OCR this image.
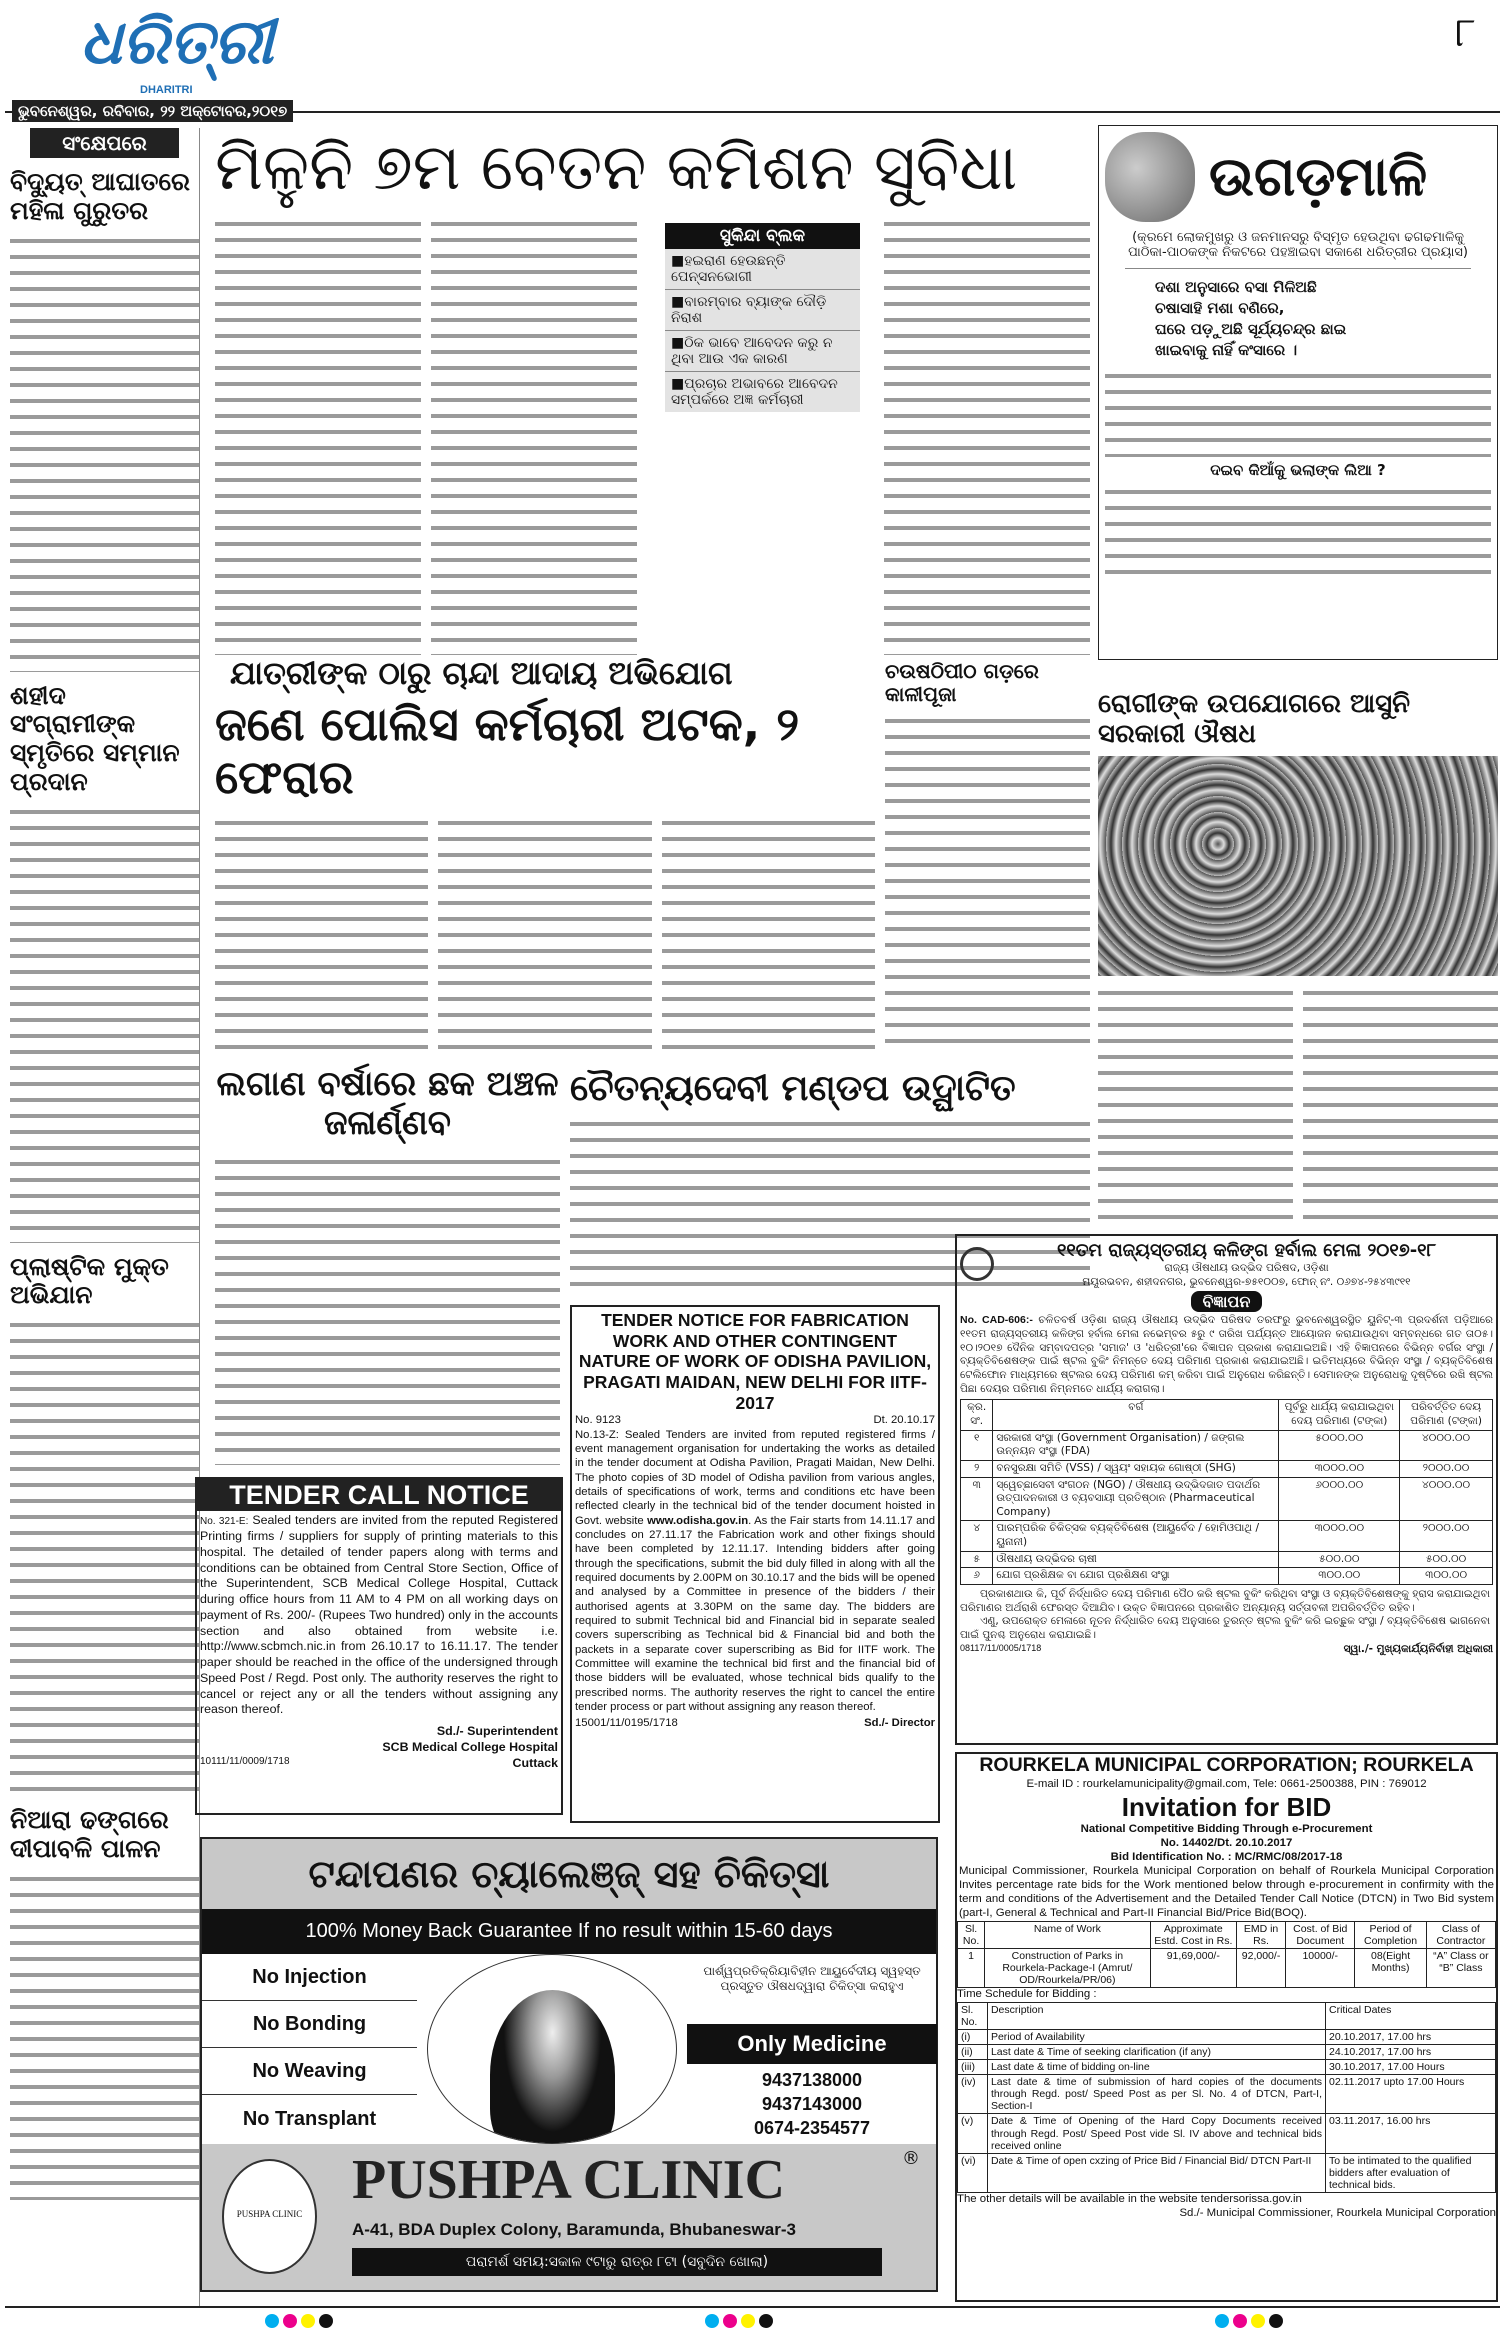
ଧରିତ୍ରୀ
DHARITRI
ଭୁବନେଶ୍ୱର, ରବିବାର, ୨୨ ଅକ୍ଟୋବର,୨୦୧୭
୮
ସଂକ୍ଷେପରେ
ବିଦ୍ୟୁତ୍ ଆଘାତରେ ମହିଳା ଗୁରୁତର
ଶହୀଦ ସଂଗ୍ରାମୀଙ୍କ ସ୍ମୃତିରେ ସମ୍ମାନ ପ୍ରଦାନ
ପ୍ଲାଷ୍ଟିକ ମୁକ୍ତ ଅଭିଯାନ
ନିଆରା ଢଙ୍ଗରେ ଦୀପାବଳି ପାଳନ
ମିଳୁନି ୭ମ ବେତନ କମିଶନ ସୁବିଧା
ସୁକିନ୍ଦା ବ୍ଲକ
■ହଇରାଣ ହେଉଛନ୍ତି ପେନ୍‌ସନଭୋଗୀ
■ବାରମ୍ବାର ବ୍ୟାଙ୍କ ଦୌଡ଼ି ନିରାଶ
■ଠିକ ଭାବେ ଆବେଦନ କରୁ ନ ଥିବା ଆଉ ଏକ କାରଣ
■ପ୍ରଚାର ଅଭାବରେ ଆବେଦନ ସମ୍ପର୍କରେ ଅଜ୍ଞ କର୍ମଚାରୀ
ଉଗଡ଼ମାଳି
(କ୍ରମେ ଲୋକମୁଖରୁ ଓ ଜନମାନସରୁ ବିସ୍ମୃତ ହେଉଥିବା ଢଗଢମାଳିକୁ ପାଠିକା-ପାଠକଙ୍କ ନିକଟରେ ପହଞ୍ଚାଇବା ସକାଶେ ଧରିତ୍ରୀର ପ୍ରୟାସ)
ଦଶା ଅନୁସାରେ ବସା ମିଳିଅଛି
ଚଷାସାହି ମଶା ବଣିରେ,
ଘରେ ପଡ଼ୁଅଛି ସୂର୍ଯ୍ୟଚନ୍ଦ୍ର ଛାଇ
ଖାଇବାକୁ ନାହିଁ କଂସାରେ ।
ଦଇବ କିଆଁକୁ ଭଲାଙ୍କ ଲିଆ ?
ଯାତ୍ରୀଙ୍କ ଠାରୁ ଚାନ୍ଦା ଆଦାୟ ଅଭିଯୋଗ
ଜଣେ ପୋଲିସ କର୍ମଚାରୀ ଅଟକ, ୨ ଫେରାର
ଚଉଷଠିପୀଠ ଗଡ଼ରେ କାଳୀପୂଜା	ରୋଗୀଙ୍କ ଉପଯୋଗରେ ଆସୁନି ସରକାରୀ ଔଷଧ
ଲଗାଣ ବର୍ଷାରେ ଛକ ଅଞ୍ଚଳ ଜଳାର୍ଣ୍ଣବ
ଚୈତନ୍ୟଦେବୀ ମଣ୍ଡପ ଉଦ୍ଘାଟିତ
TENDER CALL NOTICE
No. 321-E: Sealed tenders are invited from the reputed Registered Printing firms / suppliers for supply of printing materials to this hospital. The detailed of tender papers along with terms and conditions can be obtained from Central Store Section, Office of the Superintendent, SCB Medical College Hospital, Cuttack during office hours from 11 AM to 4 PM on all working days on payment of Rs. 200/- (Rupees Two hundred) only in the accounts section and also obtained from website i.e. http://www.scbmch.nic.in from 26.10.17 to 16.11.17. The tender paper should be reached in the office of the undersigned through Speed Post / Regd. Post only. The authority reserves the right to cancel or reject any or all the tenders without assigning any reason thereof.
Sd./- Superintendent
SCB Medical College Hospital
10111/11/0009/1718	Cuttack
TENDER NOTICE FOR FABRICATION WORK AND OTHER CONTINGENT NATURE OF WORK OF ODISHA PAVILION, PRAGATI MAIDAN, NEW DELHI FOR IITF-2017
No. 9123	Dt. 20.10.17
No.13-Z: Sealed Tenders are invited from reputed registered firms / event management organisation for undertaking the works as detailed in the tender document at Odisha Pavilion, Pragati Maidan, New Delhi. The photo copies of 3D model of Odisha pavilion from various angles, details of specifications of work, terms and conditions etc have been reflected clearly in the technical bid of the tender document hoisted in Govt. website www.odisha.gov.in. As the Fair starts from 14.11.17 and concludes on 27.11.17 the Fabrication work and other fixings should have been completed by 12.11.17. Intending bidders after going through the specifications, submit the bid duly filled in along with all the required documents by 2.00PM on 30.10.17 and the bids will be opened and analysed by a Committee in presence of the bidders / their authorised agents at 3.30PM on the same day. The bidders are required to submit Technical bid and Financial bid in separate sealed covers superscribing as Technical bid & Financial bid and both the packets in a separate cover superscribing as Bid for IITF work. The Committee will examine the technical bid first and the financial bid of those bidders will be evaluated, whose technical bids qualify to the prescribed norms. The authority reserves the right to cancel the entire tender process or part without assigning any reason thereof.
15001/11/0195/1718	Sd./- Director
୧୧ତମ ରାଜ୍ୟସ୍ତରୀୟ କଳିଙ୍ଗ ହର୍ବାଲ ମେଳା ୨୦୧୭-୧୮
ରାଜ୍ୟ ଔଷଧୀୟ ଉଦ୍ଭିଦ ପରିଷଦ, ଓଡ଼ିଶା
ମୟୂରଭବନ, ଶହୀଦନଗର, ଭୁବନେଶ୍ୱର-୭୫୧୦୦୭, ଫୋନ୍ ନଂ. ୦୬୭୪-୨୫୪୩୯୧୧
ବିଜ୍ଞାପନ
No. CAD-606:- ଚଳିତବର୍ଷ ଓଡ଼ିଶା ରାଜ୍ୟ ଔଷଧୀୟ ଉଦ୍ଭିଦ ପରିଷଦ ତରଫରୁ ଭୁବନେଶ୍ୱରସ୍ଥିତ ୟୁନିଟ୍-୩ ପ୍ରଦର୍ଶନୀ ପଡ଼ିଆରେ ୧୧ତମ ରାଜ୍ୟସ୍ତରୀୟ କଳିଙ୍ଗ ହର୍ବାଲ ମେଳା ନଭେମ୍ବର ୫ରୁ ୯ ତାରିଖ ପର୍ଯ୍ୟନ୍ତ ଆୟୋଜନ କରାଯାଉଥିବା ସମ୍ବନ୍ଧରେ ଗତ ତା୦୫।୧୦।୨୦୧୭ ଦୈନିକ ସମ୍ବାଦପତ୍ର 'ସମାଜ' ଓ 'ଧରିତ୍ରୀ'ରେ ବିଜ୍ଞାପନ ପ୍ରକାଶ କରାଯାଇଅଛି। ଏହି ବିଜ୍ଞାପନରେ ବିଭିନ୍ନ ବର୍ଗର ସଂସ୍ଥା /ବ୍ୟକ୍ତିବିଶେଷଙ୍କ ପାଇଁ ଷ୍ଟଲ ବୁକିଂ ନିମନ୍ତେ ଦେୟ ପରିମାଣ ପ୍ରକାଶ କରାଯାଇଅଛି। ଇତିମଧ୍ୟରେ ବିଭିନ୍ନ ସଂସ୍ଥା / ବ୍ୟକ୍ତିବିଶେଷ ଟେଲିଫୋନ ମାଧ୍ୟମରେ ଷ୍ଟଲର ଦେୟ ପରିମାଣ କମ୍ କରିବା ପାଇଁ ଅନୁରୋଧ କରିଛନ୍ତି। ସେମାନଙ୍କ ଅନୁରୋଧକୁ ଦୃଷ୍ଟିରେ ରଖି ଷ୍ଟଲ ପିଛା ଦେୟର ପରିମାଣ ନିମ୍ନମତେ ଧାର୍ଯ୍ୟ କରାଗଲା।
କ୍ର. ସଂ.	ବର୍ଗ	ପୂର୍ବରୁ ଧାର୍ଯ୍ୟ କରାଯାଇଥିବା ଦେୟ ପରିମାଣ (ଟଙ୍କା)	ପରିବର୍ତ୍ତିତ ଦେୟ ପରିମାଣ (ଟଙ୍କା)
୧	ସରକାରୀ ସଂସ୍ଥା (Government Organisation) / ଜଙ୍ଗଲ ଉନ୍ନୟନ ସଂସ୍ଥା (FDA)	୫୦୦୦.୦୦	୪୦୦୦.୦୦
୨	ବନସୁରକ୍ଷା ସମିତି (VSS) / ସ୍ୱୟଂ ସହାୟକ ଗୋଷ୍ଠୀ (SHG)	୩୦୦୦.୦୦	୨୦୦୦.୦୦
୩	ସ୍ୱେଚ୍ଛାସେବୀ ସଂଗଠନ (NGO) / ଔଷଧୀୟ ଉଦ୍ଭିଦଜାତ ପଦାର୍ଥର ଉତ୍ପାଦନକାରୀ ଓ ବ୍ୟବସାୟୀ ପ୍ରତିଷ୍ଠାନ (Pharmaceutical Company)	୬୦୦୦.୦୦	୪୦୦୦.୦୦
୪	ପାରମ୍ପରିକ ଚିକିତ୍ସକ ବ୍ୟକ୍ତିବିଶେଷ (ଆୟୁର୍ବେଦ / ହୋମିଓପାଥି / ୟୁନାନୀ)	୩୦୦୦.୦୦	୨୦୦୦.୦୦
୫	ଔଷଧୀୟ ଉଦ୍ଭିଦର ଚାଷୀ	୫୦୦.୦୦	୫୦୦.୦୦
୬	ଯୋଗ ପ୍ରଶିକ୍ଷକ ବା ଯୋଗ ପ୍ରଶିକ୍ଷଣ ସଂସ୍ଥା	୩୦୦.୦୦	୩୦୦.୦୦
ପ୍ରକାଶଥାଉ କି, ପୂର୍ବ ନିର୍ଦ୍ଧାରିତ ଦେୟ ପରିମାଣ ପୈଠ କରି ଷ୍ଟଲ ବୁକିଂ କରିଥିବା ସଂସ୍ଥା ଓ ବ୍ୟକ୍ତିବିଶେଷଙ୍କୁ ହ୍ରାସ କରାଯାଇଥିବା ପରିମାଣର ଅର୍ଥରାଶି ଫେରସ୍ତ ଦିଆଯିବ। ଉକ୍ତ ବିଜ୍ଞାପନରେ ପ୍ରକାଶିତ ଅନ୍ୟାନ୍ୟ ସର୍ତ୍ତାବଳୀ ଅପରିବର୍ତ୍ତିତ ରହିବ।
ଏଣୁ, ଉପରୋକ୍ତ ମେଳାରେ ନୂତନ ନିର୍ଦ୍ଧାରିତ ଦେୟ ଅନୁସାରେ ତୁରନ୍ତ ଷ୍ଟଲ ବୁକିଂ କରି ଇଚ୍ଛୁକ ସଂସ୍ଥା / ବ୍ୟକ୍ତିବିଶେଷ ଭାଗନେବା ପାଇଁ ପୁନଶ୍ଚ ଅନୁରୋଧ କରାଯାଇଛି।
08117/11/0005/1718	ସ୍ୱା./- ମୁଖ୍ୟକାର୍ଯ୍ୟନିର୍ବାହୀ ଅଧିକାରୀ
ROURKELA MUNICIPAL CORPORATION; ROURKELA
E-mail ID : rourkelamunicipality@gmail.com, Tele: 0661-2500388, PIN : 769012
Invitation for BID
National Competitive Bidding Through e-Procurement
No. 14402/Dt. 20.10.2017
Bid Identification No. : MC/RMC/08/2017-18
Municipal Commissioner, Rourkela Municipal Corporation on behalf of Rourkela Municipal Corporation Invites percentage rate bids for the Work mentioned below through e-procurement in confirmity with the term and conditions of the Advertisement and the Detailed Tender Call Notice (DTCN) in Two Bid system (part-I, General & Technical and Part-II Financial Bid/Price Bid(BOQ).
Sl. No.	Name of Work	Approximate Estd. Cost in Rs.	EMD in Rs.	Cost. of Bid Document	Period of Completion	Class of Contractor
1	Construction of Parks in Rourkela-Package-I (Amrut/ OD/Rourkela/PR/06)	91,69,000/-	92,000/-	10000/-	08(Eight Months)	“A” Class or “B” Class
Time Schedule for Bidding :
Sl. No.	Description	Critical Dates
(i)	Period of Availability	20.10.2017, 17.00 hrs
(ii)	Last date & Time of seeking clarification (if any)	24.10.2017, 17.00 hrs
(iii)	Last date & time of bidding on-line	30.10.2017, 17.00 Hours
(iv)	Last date & time of submission of hard copies of the documents through Regd. post/ Speed Post as per Sl. No. 4 of DTCN, Part-I, Section-I	02.11.2017 upto 17.00 Hours
(v)	Date & Time of Opening of the Hard Copy Documents received through Regd. Post/ Speed Post vide Sl. IV above and technical bids received online	03.11.2017, 16.00 hrs
(vi)	Date & Time of open cxzing of Price Bid / Financial Bid/ DTCN Part-II	To be intimated to the qualified bidders after evaluation of technical bids.
The other details will be available in the website tendersorissa.gov.in
Sd./- Municipal Commissioner, Rourkela Municipal Corporation
ଟନ୍ଦାପଣର ଚ୍ୟାଲେଞ୍ଜ୍ ସହ ଚିକିତ୍ସା
100% Money Back Guarantee If no result within 15-60 days
No Injection
No Bonding
No Weaving
No Transplant
ପାର୍ଶ୍ୱପ୍ରତିକ୍ରିୟାବିହୀନ ଆୟୁର୍ବେଦୀୟ ସ୍ୱହସ୍ତ ପ୍ରସ୍ତୁତ ଔଷଧଦ୍ୱାରା ଚିକିତ୍ସା କରାହୁଏ
Only Medicine
9437138000
9437143000
0674-2354577
PUSHPA CLINIC
PUSHPA CLINIC	®
A-41, BDA Duplex Colony, Baramunda, Bhubaneswar-3
ପରାମର୍ଶ ସମୟ:ସକାଳ ୯ଟାରୁ ରାତ୍ର ୮ଟା (ସବୁଦିନ ଖୋଲା)
